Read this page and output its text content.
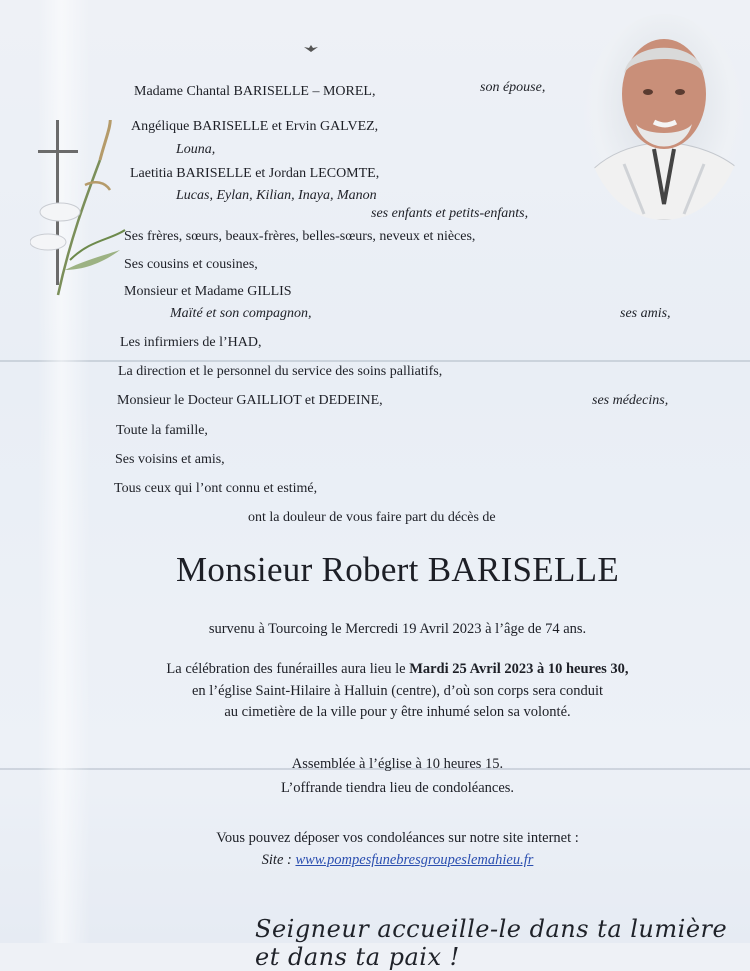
Madame Chantal BARISELLE – MOREL,	son épouse,
Angélique BARISELLE et Ervin GALVEZ,
Louna,
Laetitia BARISELLE et Jordan LECOMTE,
Lucas, Eylan, Kilian, Inaya, Manon
ses enfants et petits-enfants,
Ses frères, sœurs, beaux-frères, belles-sœurs, neveux et nièces,
Ses cousins et cousines,
Monsieur et Madame GILLIS
Maïté et son compagnon,	ses amis,
Les infirmiers de l’HAD,
La direction et le personnel du service des soins palliatifs,
Monsieur le Docteur GAILLIOT et DEDEINE,	ses médecins,
Toute la famille,
Ses voisins et amis,
Tous ceux qui l’ont connu et estimé,
ont la douleur de vous faire part du décès de
Monsieur Robert BARISELLE
survenu à Tourcoing le Mercredi 19 Avril 2023 à l’âge de 74 ans.
La célébration des funérailles aura lieu le Mardi 25 Avril 2023 à 10 heures 30,
en l’église Saint-Hilaire à Halluin (centre), d’où son corps sera conduit
au cimetière de la ville pour y être inhumé selon sa volonté.
Assemblée à l’église à 10 heures 15.
L’offrande tiendra lieu de condoléances.
Vous pouvez déposer vos condoléances sur notre site internet :
Site : www.pompesfunebresgroupeslemahieu.fr
Seigneur accueille-le dans ta lumière et dans ta paix !
